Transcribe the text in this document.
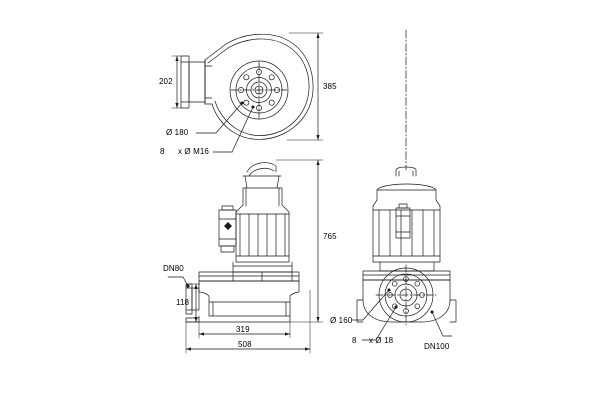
202
385
Ø 180
8 x Ø M16
765
DN80
118
319
508
Ø 160
8 x Ø 18
DN100
